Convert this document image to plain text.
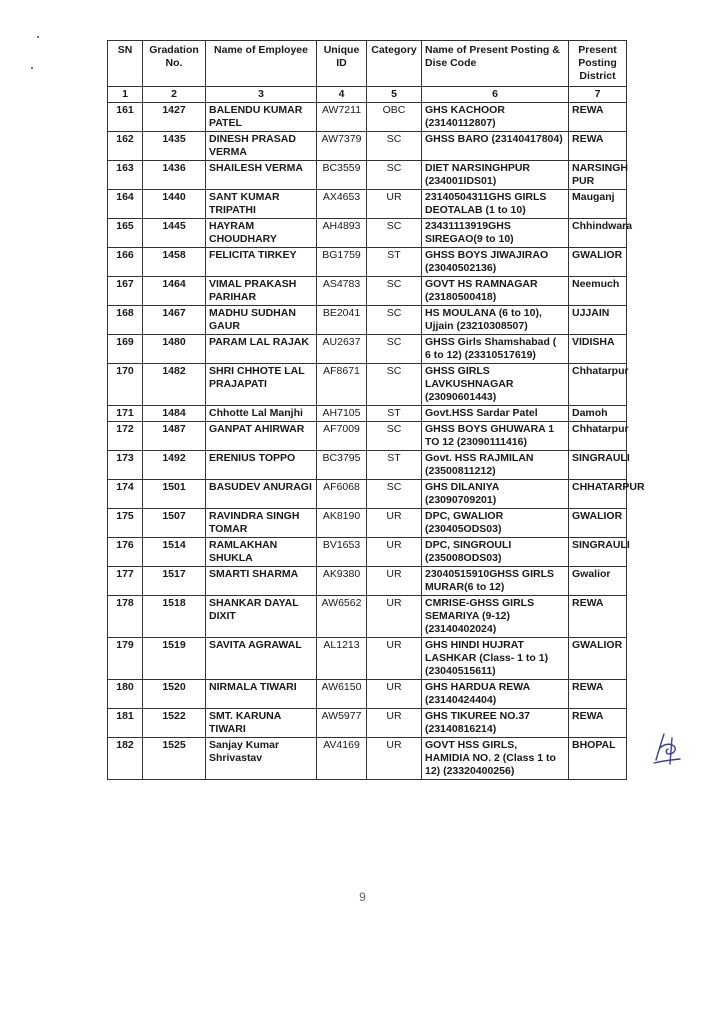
SN	Gradation No.	Name of Employee	Unique ID	Category	Name of Present Posting & Dise Code	Present Posting District
1	2	3	4	5	6	7
161	1427	BALENDU KUMAR PATEL	AW7211	OBC	GHS KACHOOR (23140112807)	REWA
162	1435	DINESH PRASAD VERMA	AW7379	SC	GHSS BARO (23140417804)	REWA
163	1436	SHAILESH VERMA	BC3559	SC	DIET NARSINGHPUR (234001IDS01)	NARSINGH PUR
164	1440	SANT KUMAR TRIPATHI	AX4653	UR	23140504311GHS GIRLS DEOTALAB (1 to 10)	Mauganj
165	1445	HAYRAM CHOUDHARY	AH4893	SC	23431113919GHS SIREGAO(9 to 10)	Chhindwara
166	1458	FELICITA TIRKEY	BG1759	ST	GHSS BOYS JIWAJIRAO (23040502136)	GWALIOR
167	1464	VIMAL PRAKASH PARIHAR	AS4783	SC	GOVT HS RAMNAGAR (23180500418)	Neemuch
168	1467	MADHU SUDHAN GAUR	BE2041	SC	HS MOULANA (6 to 10), Ujjain (23210308507)	UJJAIN
169	1480	PARAM LAL RAJAK	AU2637	SC	GHSS Girls Shamshabad ( 6 to 12) (23310517619)	VIDISHA
170	1482	SHRI CHHOTE LAL PRAJAPATI	AF8671	SC	GHSS GIRLS LAVKUSHNAGAR (23090601443)	Chhatarpur
171	1484	Chhotte Lal Manjhi	AH7105	ST	Govt.HSS Sardar Patel	Damoh
172	1487	GANPAT AHIRWAR	AF7009	SC	GHSS BOYS GHUWARA 1 TO 12 (23090111416)	Chhatarpur
173	1492	ERENIUS TOPPO	BC3795	ST	Govt. HSS RAJMILAN (23500811212)	SINGRAULI
174	1501	BASUDEV ANURAGI	AF6068	SC	GHS DILANIYA (23090709201)	CHHATARPUR
175	1507	RAVINDRA SINGH TOMAR	AK8190	UR	DPC, GWALIOR (230405ODS03)	GWALIOR
176	1514	RAMLAKHAN SHUKLA	BV1653	UR	DPC, SINGROULI (235008ODS03)	SINGRAULI
177	1517	SMARTI SHARMA	AK9380	UR	23040515910GHSS GIRLS MURAR(6 to 12)	Gwalior
178	1518	SHANKAR DAYAL DIXIT	AW6562	UR	CMRISE-GHSS GIRLS SEMARIYA (9-12) (23140402024)	REWA
179	1519	SAVITA AGRAWAL	AL1213	UR	GHS HINDI HUJRAT LASHKAR (Class- 1 to 1) (23040515611)	GWALIOR
180	1520	NIRMALA TIWARI	AW6150	UR	GHS HARDUA REWA (23140424404)	REWA
181	1522	SMT. KARUNA TIWARI	AW5977	UR	GHS TIKUREE NO.37 (23140816214)	REWA
182	1525	Sanjay Kumar Shrivastav	AV4169	UR	GOVT HSS GIRLS, HAMIDIA NO. 2 (Class 1 to 12) (23320400256)	BHOPAL
9
